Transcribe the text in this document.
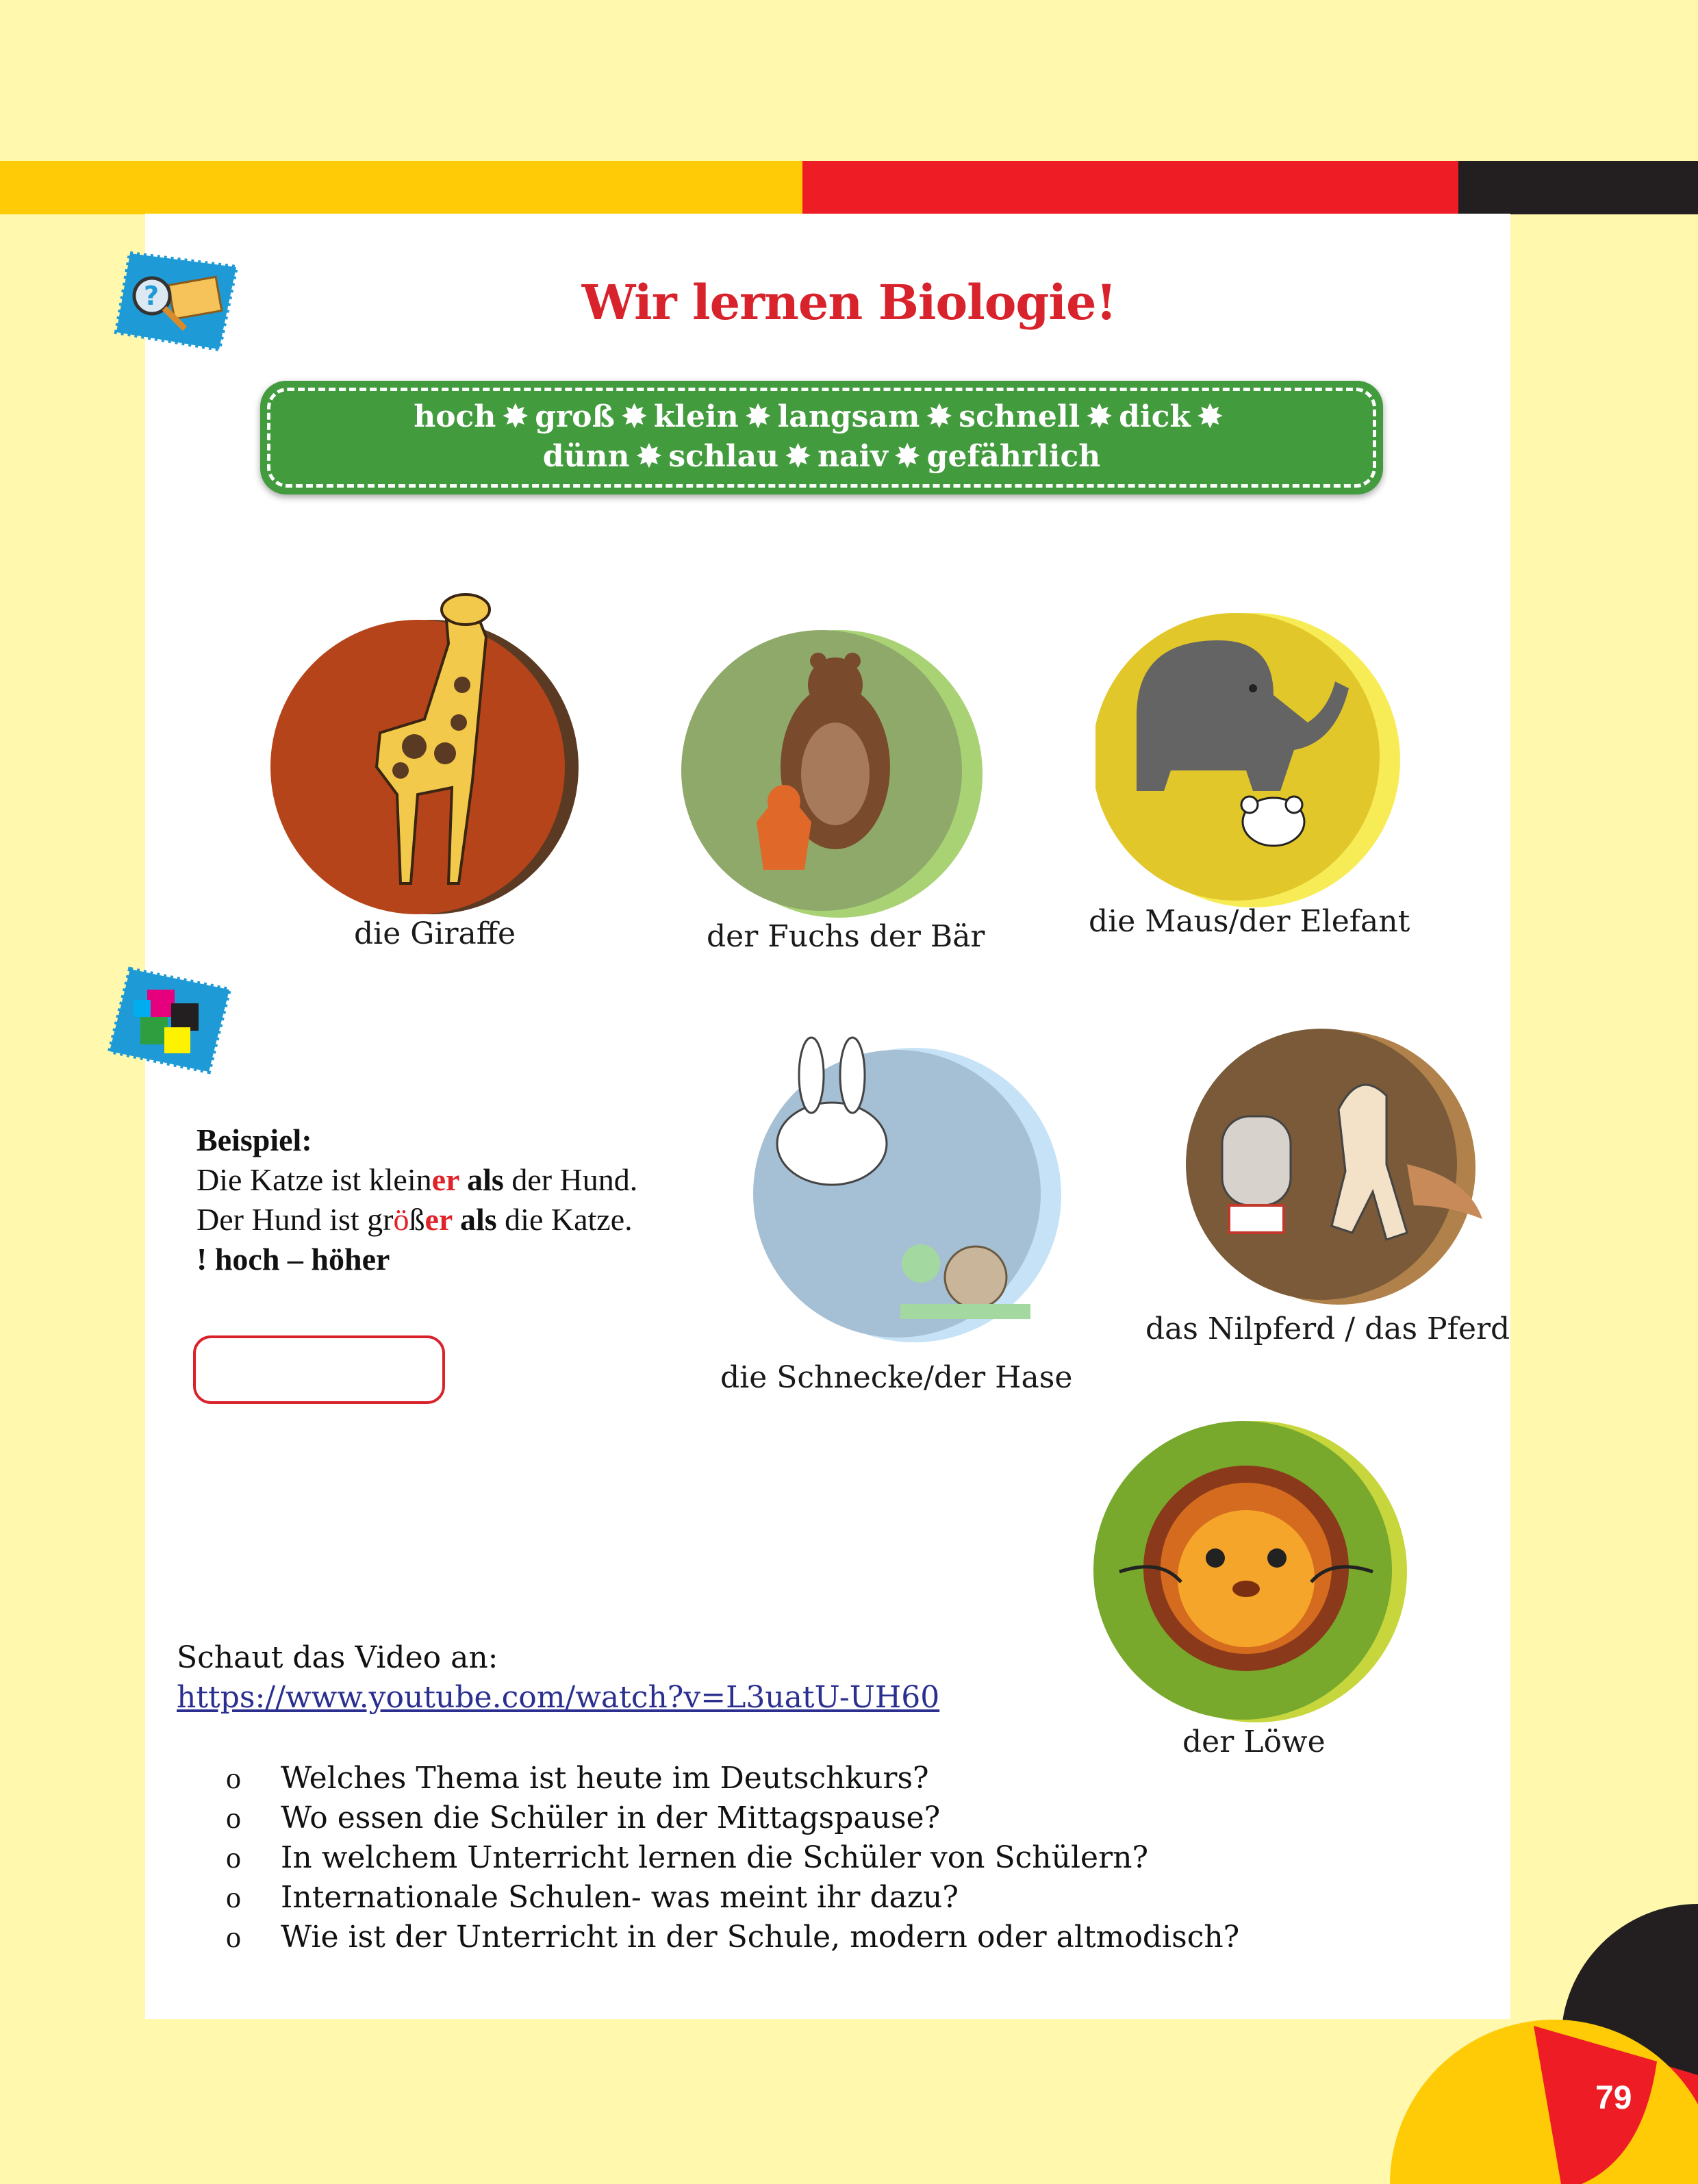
?	Wir lernen Biologie!
hoch ✸ groß ✸ klein ✸ langsam ✸ schnell ✸ dick ✸
dünn ✸ schlau ✸ naiv ✸ gefährlich
die Giraffe	der Fuchs der Bär	die Maus/der Elefant
Beispiel:
Die Katze ist kleiner als der Hund.
Der Hund ist größer als die Katze.
! hoch – höher
die Schnecke/der Hase
das Nilpferd / das Pferd
der Löwe
Schaut das Video an:
https://www.youtube.com/watch?v=L3uatU-UH60
o Welches Thema ist heute im Deutschkurs?
o Wo essen die Schüler in der Mittagspause?
o In welchem Unterricht lernen die Schüler von Schülern?
o Internationale Schulen- was meint ihr dazu?
o Wie ist der Unterricht in der Schule, modern oder altmodisch?
79
